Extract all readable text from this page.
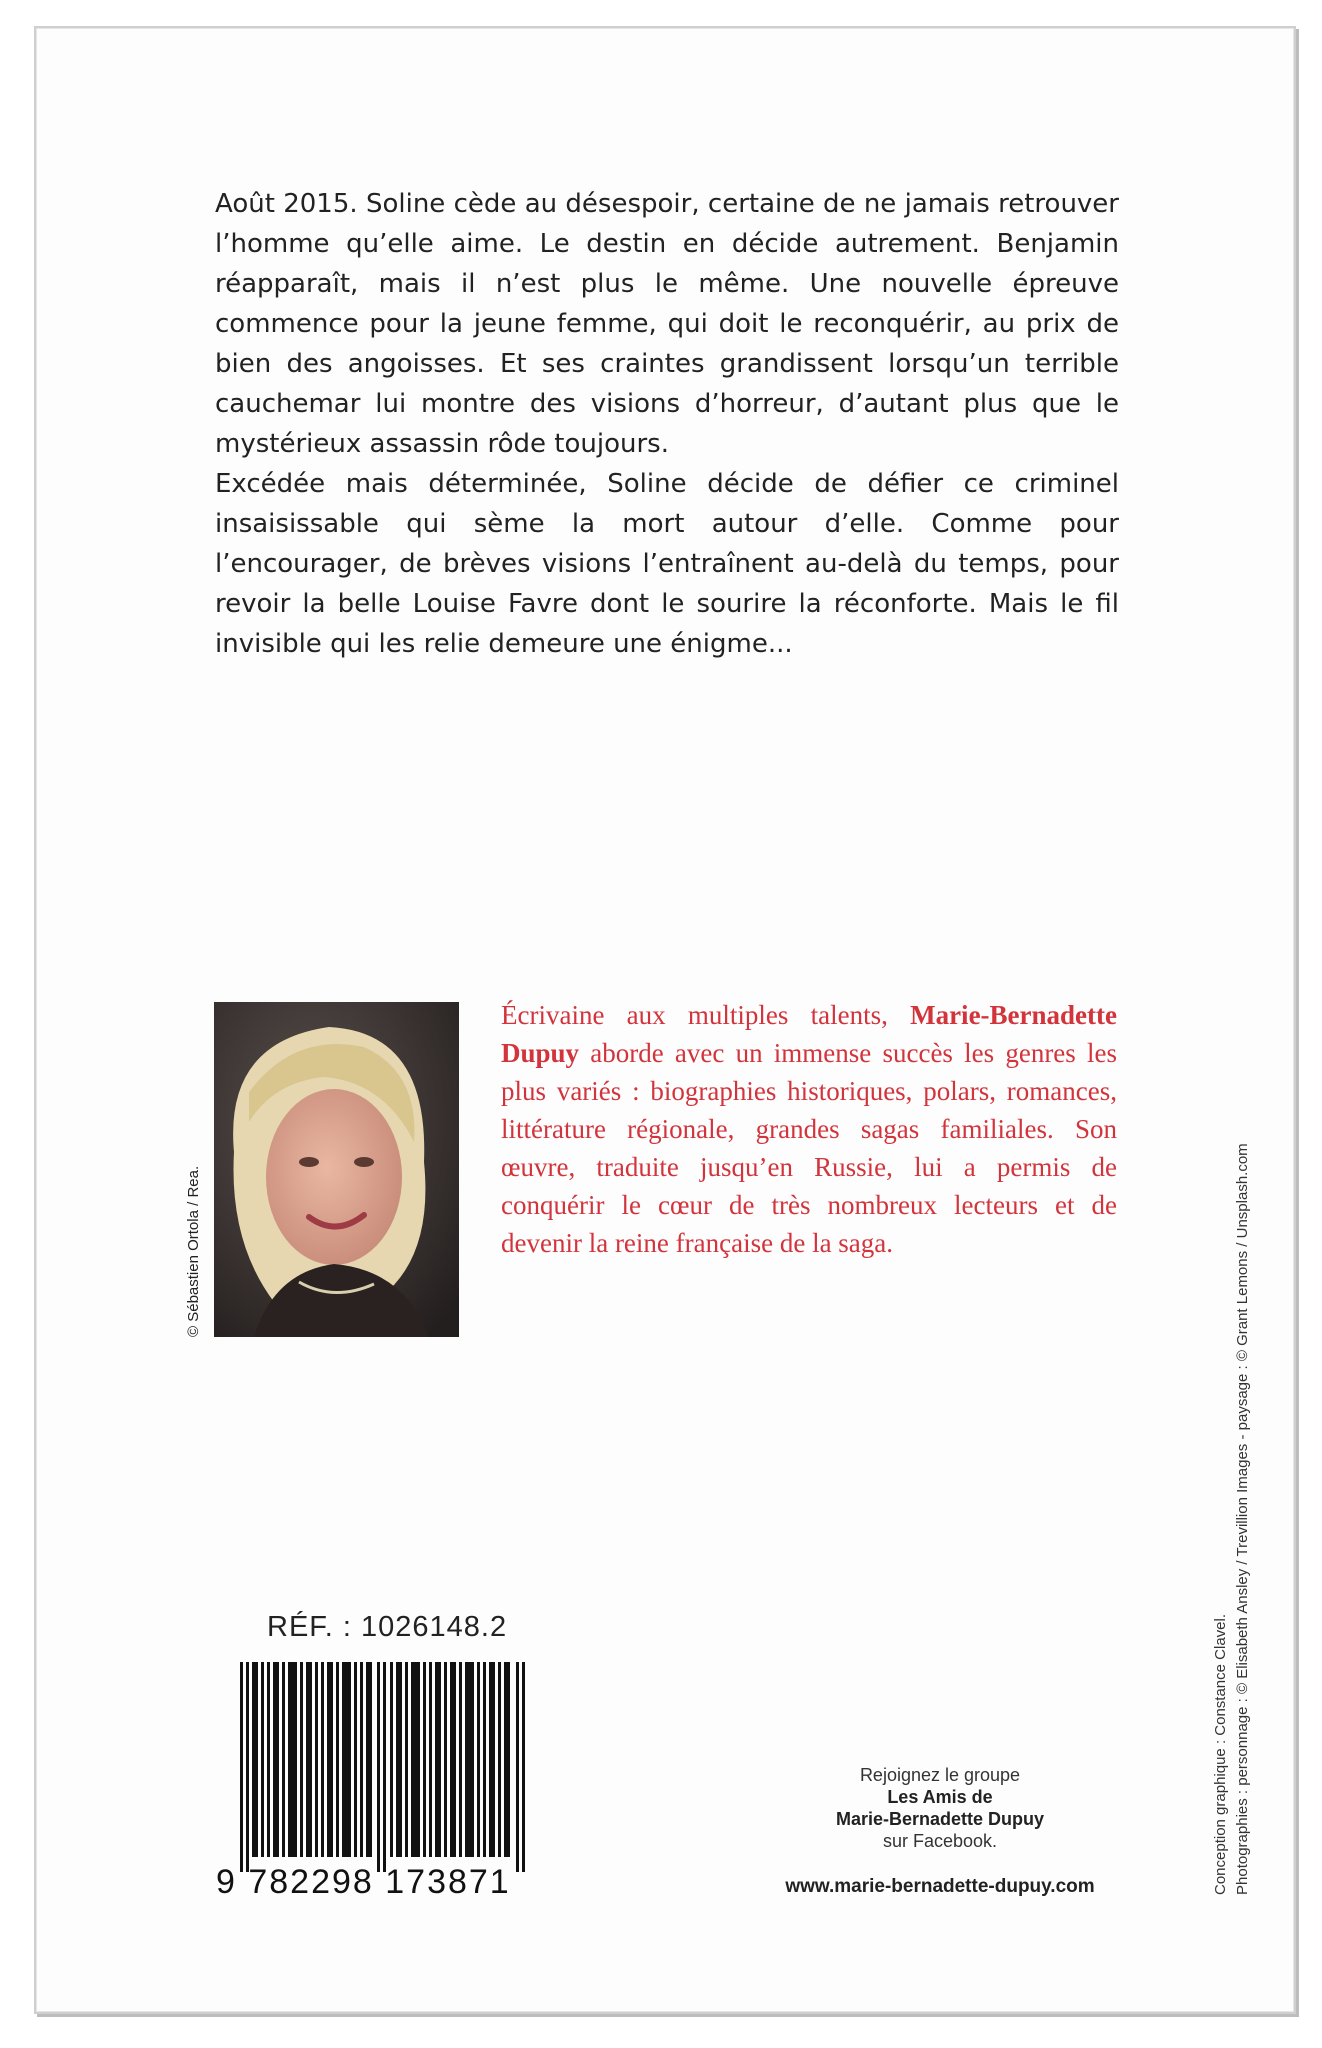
Août 2015. Soline cède au désespoir, certaine de ne jamais retrouver l’homme qu’elle aime. Le destin en décide autrement. Benjamin réapparaît, mais il n’est plus le même. Une nouvelle épreuve commence pour la jeune femme, qui doit le reconquérir, au prix de bien des angoisses. Et ses craintes grandissent lorsqu’un terrible cauchemar lui montre des visions d’horreur, d’autant plus que le mystérieux assassin rôde toujours.

Excédée mais déterminée, Soline décide de défier ce criminel insaisissable qui sème la mort autour d’elle. Comme pour l’encourager, de brèves visions l’entraînent au-delà du temps, pour revoir la belle Louise Favre dont le sourire la réconforte. Mais le fil invisible qui les relie demeure une énigme...

© Sébastien Ortola / Rea.

Écrivaine aux multiples talents, Marie-Bernadette Dupuy aborde avec un immense succès les genres les plus variés : biographies historiques, polars, romances, littérature régionale, grandes sagas familiales. Son œuvre, traduite jusqu’en Russie, lui a permis de conquérir le cœur de très nombreux lecteurs et de devenir la reine française de la saga.

RÉF. : 1026148.2
9 782298 173871
Rejoignez le groupe
Les Amis de
Marie-Bernadette Dupuy
sur Facebook.
www.marie-bernadette-dupuy.com	Conception graphique : Constance Clavel. Photographies : personnage : © Elisabeth Ansley / Trevillion Images - paysage : © Grant Lemons / Unsplash.com
